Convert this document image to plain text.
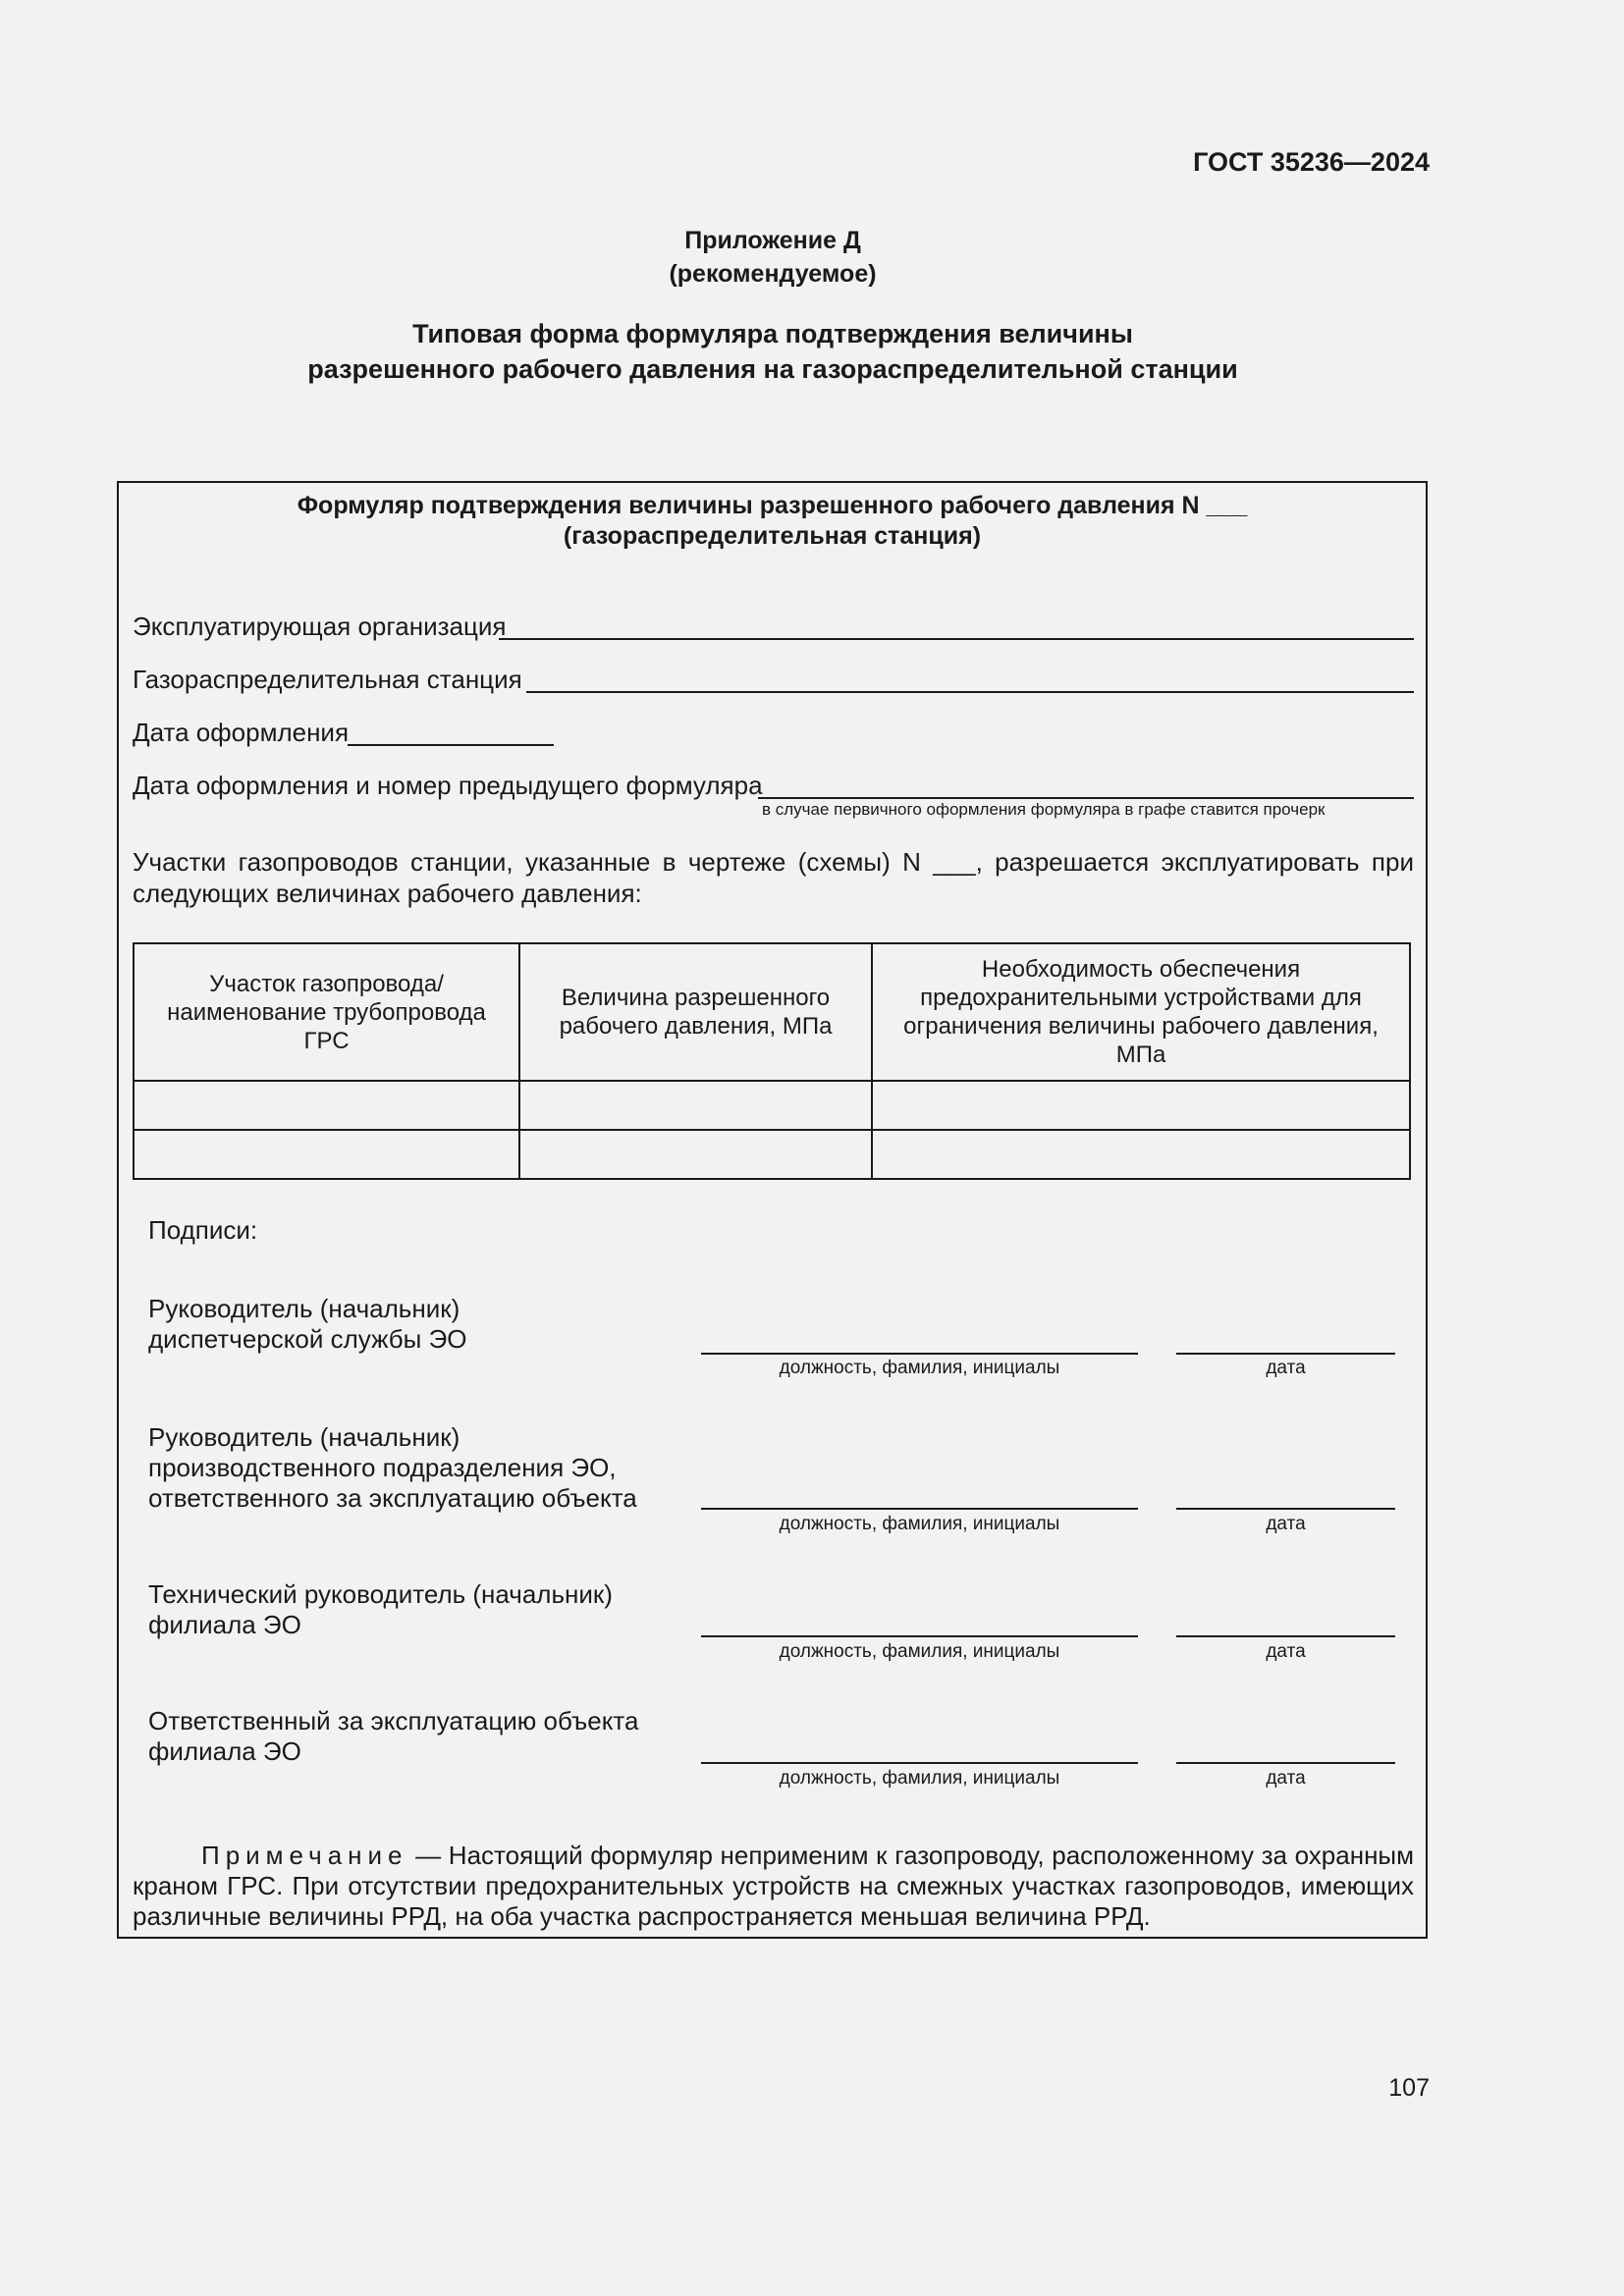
ГОСТ 35236—2024
Приложение Д
(рекомендуемое)
Типовая форма формуляра подтверждения величины
разрешенного рабочего давления на газораспределительной станции
Формуляр подтверждения величины разрешенного рабочего давления N ___
(газораспределительная станция)
Эксплуатирующая организация
Газораспределительная станция
Дата оформления
Дата оформления и номер предыдущего формуляра
в случае первичного оформления формуляра в графе ставится прочерк
Участки газопроводов станции, указанные в чертеже (схемы) N ___, разрешается эксплуатировать при следующих величинах рабочего давления:
Участок газопровода/ наименование трубопровода ГРС	Величина разрешенного рабочего давления, МПа	Необходимость обеспечения предохранительными устройствами для ограничения величины рабочего давления, МПа

Подписи:
Руководитель (начальник)
диспетчерской службы ЭО
должность, фамилия, инициалы	дата
Руководитель (начальник)
производственного подразделения ЭО,
ответственного за эксплуатацию объекта
должность, фамилия, инициалы	дата
Технический руководитель (начальник)
филиала ЭО
должность, фамилия, инициалы	дата
Ответственный за эксплуатацию объекта
филиала ЭО
должность, фамилия, инициалы	дата
Примечание — Настоящий формуляр неприменим к газопроводу, расположенному за охранным краном ГРС. При отсутствии предохранительных устройств на смежных участках газопроводов, имеющих различные величины РРД, на оба участка распространяется меньшая величина РРД.
107
